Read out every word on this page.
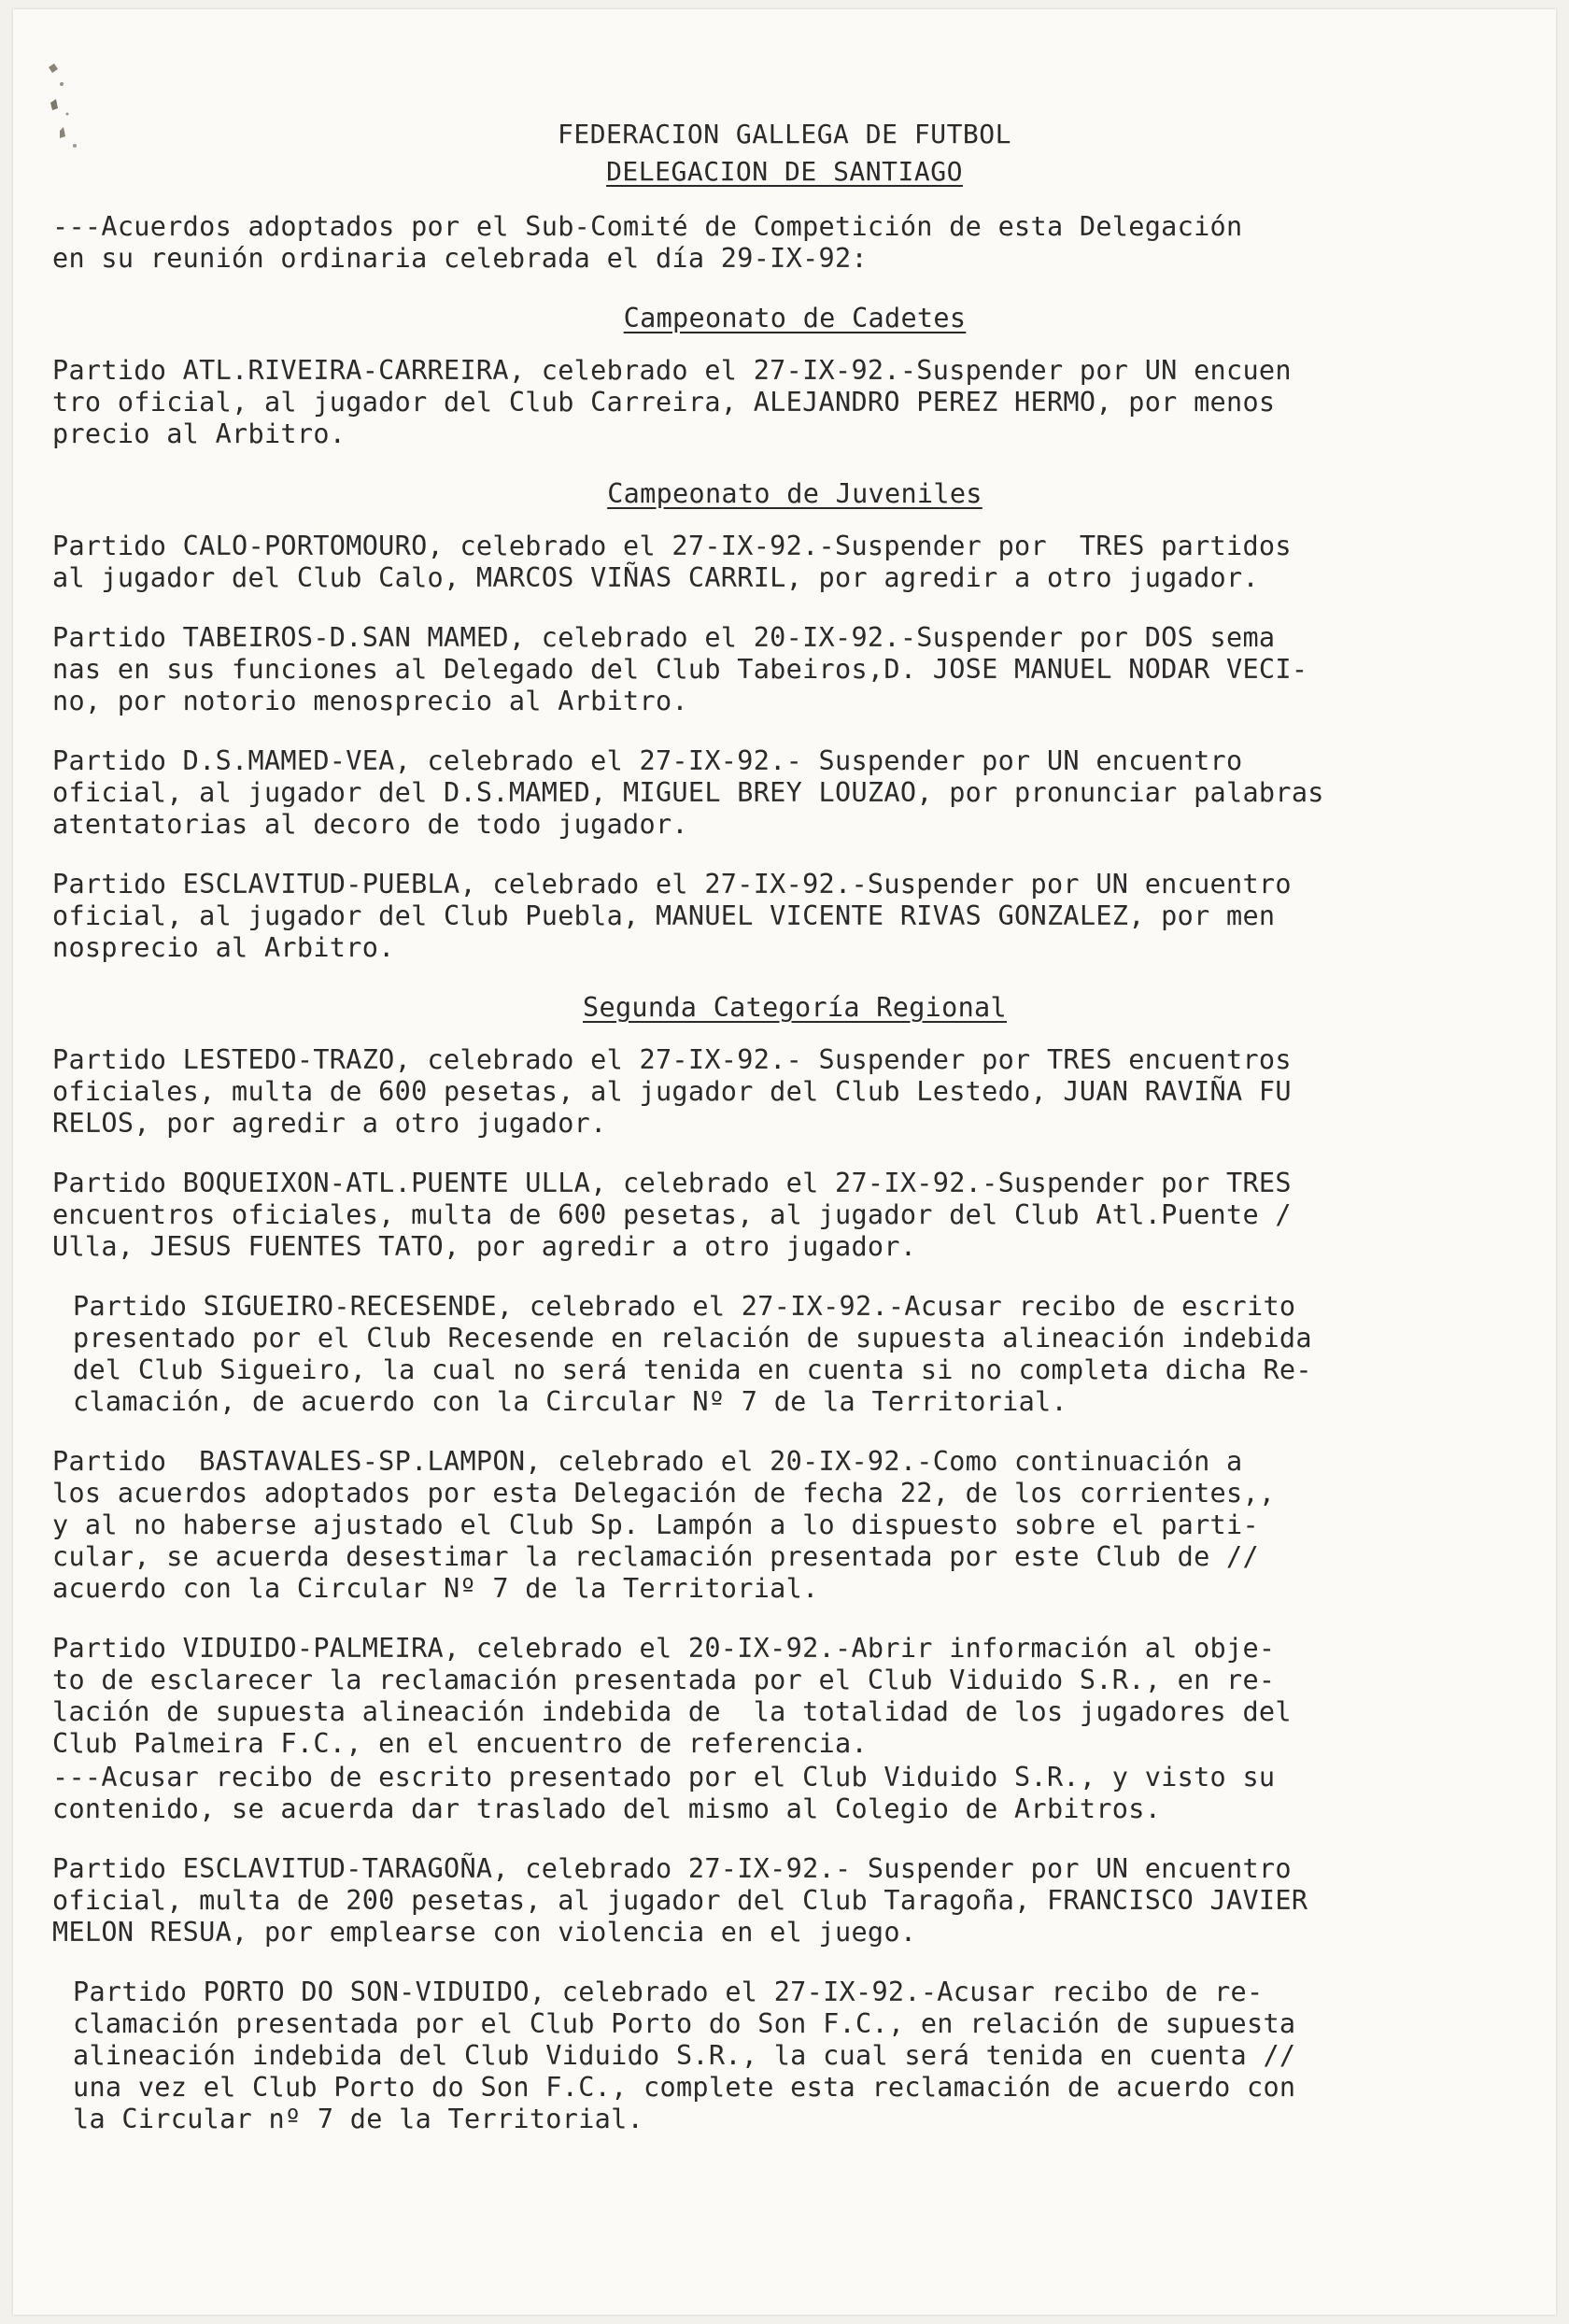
FEDERACION GALLEGA DE FUTBOL
DELEGACION DE SANTIAGO
---Acuerdos adoptados por el Sub-Comité de Competición de esta Delegación
en su reunión ordinaria celebrada el día 29-IX-92:
Campeonato de Cadetes
Partido ATL.RIVEIRA-CARREIRA, celebrado el 27-IX-92.-Suspender por UN encuen
tro oficial, al jugador del Club Carreira, ALEJANDRO PEREZ HERMO, por menos
precio al Arbitro.
Campeonato de Juveniles
Partido CALO-PORTOMOURO, celebrado el 27-IX-92.-Suspender por  TRES partidos
al jugador del Club Calo, MARCOS VIÑAS CARRIL, por agredir a otro jugador.
Partido TABEIROS-D.SAN MAMED, celebrado el 20-IX-92.-Suspender por DOS sema
nas en sus funciones al Delegado del Club Tabeiros,D. JOSE MANUEL NODAR VECI-
no, por notorio menosprecio al Arbitro.
Partido D.S.MAMED-VEA, celebrado el 27-IX-92.- Suspender por UN encuentro
oficial, al jugador del D.S.MAMED, MIGUEL BREY LOUZAO, por pronunciar palabras
atentatorias al decoro de todo jugador.
Partido ESCLAVITUD-PUEBLA, celebrado el 27-IX-92.-Suspender por UN encuentro
oficial, al jugador del Club Puebla, MANUEL VICENTE RIVAS GONZALEZ, por men
nosprecio al Arbitro.
Segunda Categoría Regional
Partido LESTEDO-TRAZO, celebrado el 27-IX-92.- Suspender por TRES encuentros
oficiales, multa de 600 pesetas, al jugador del Club Lestedo, JUAN RAVIÑA FU
RELOS, por agredir a otro jugador.
Partido BOQUEIXON-ATL.PUENTE ULLA, celebrado el 27-IX-92.-Suspender por TRES
encuentros oficiales, multa de 600 pesetas, al jugador del Club Atl.Puente /
Ulla, JESUS FUENTES TATO, por agredir a otro jugador.
Partido SIGUEIRO-RECESENDE, celebrado el 27-IX-92.-Acusar recibo de escrito
presentado por el Club Recesende en relación de supuesta alineación indebida
del Club Sigueiro, la cual no será tenida en cuenta si no completa dicha Re-
clamación, de acuerdo con la Circular Nº 7 de la Territorial.
Partido  BASTAVALES-SP.LAMPON, celebrado el 20-IX-92.-Como continuación a
los acuerdos adoptados por esta Delegación de fecha 22, de los corrientes,,
y al no haberse ajustado el Club Sp. Lampón a lo dispuesto sobre el parti-
cular, se acuerda desestimar la reclamación presentada por este Club de //
acuerdo con la Circular Nº 7 de la Territorial.
Partido VIDUIDO-PALMEIRA, celebrado el 20-IX-92.-Abrir información al obje-
to de esclarecer la reclamación presentada por el Club Viduido S.R., en re-
lación de supuesta alineación indebida de  la totalidad de los jugadores del
Club Palmeira F.C., en el encuentro de referencia.
---Acusar recibo de escrito presentado por el Club Viduido S.R., y visto su
contenido, se acuerda dar traslado del mismo al Colegio de Arbitros.
Partido ESCLAVITUD-TARAGOÑA, celebrado 27-IX-92.- Suspender por UN encuentro
oficial, multa de 200 pesetas, al jugador del Club Taragoña, FRANCISCO JAVIER
MELON RESUA, por emplearse con violencia en el juego.
Partido PORTO DO SON-VIDUIDO, celebrado el 27-IX-92.-Acusar recibo de re-
clamación presentada por el Club Porto do Son F.C., en relación de supuesta
alineación indebida del Club Viduido S.R., la cual será tenida en cuenta //
una vez el Club Porto do Son F.C., complete esta reclamación de acuerdo con
la Circular nº 7 de la Territorial.
